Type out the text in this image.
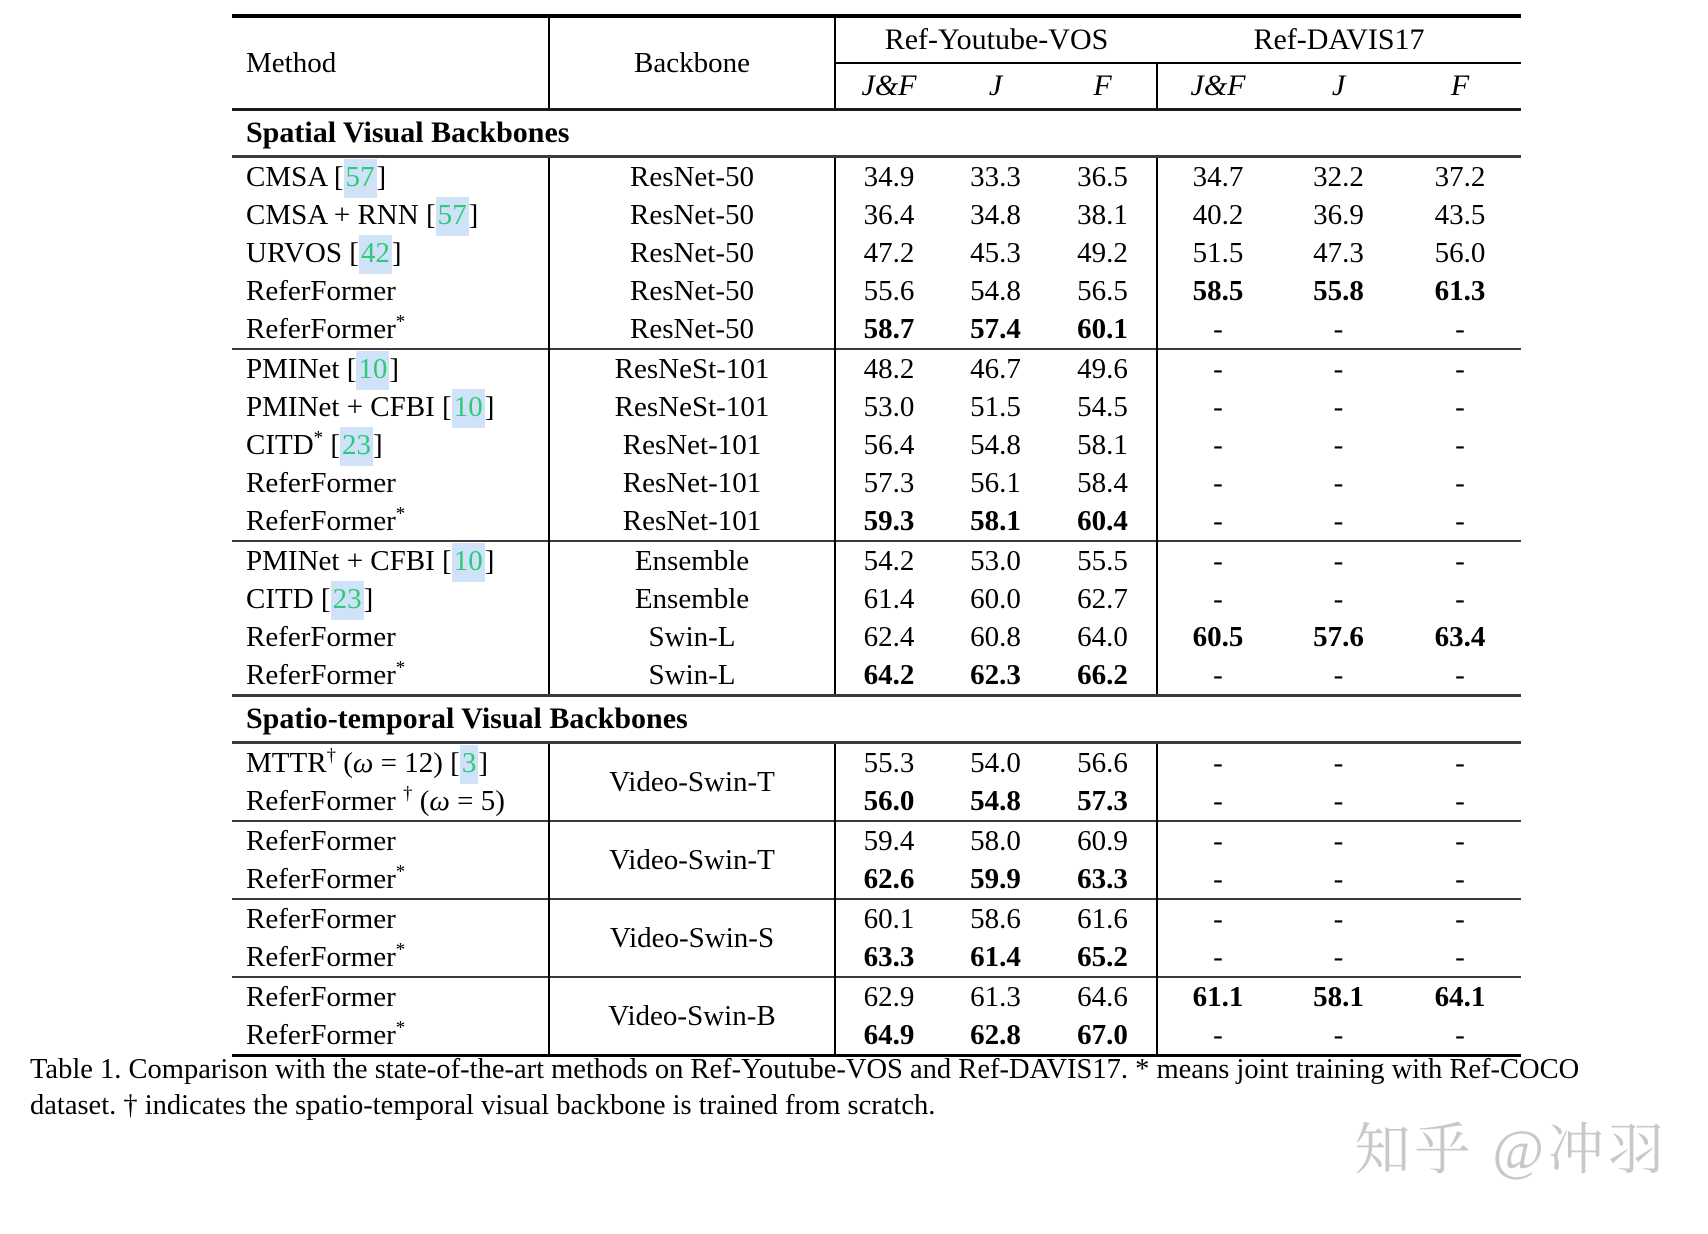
Method	Backbone	Ref-Youtube-VOS			Ref-DAVIS17		
		J&F	J	F	J&F	J	F
Spatial Visual Backbones							
CMSA [57]	ResNet-50	34.9	33.3	36.5	34.7	32.2	37.2
CMSA + RNN [57]	ResNet-50	36.4	34.8	38.1	40.2	36.9	43.5
URVOS [42]	ResNet-50	47.2	45.3	49.2	51.5	47.3	56.0
ReferFormer	ResNet-50	55.6	54.8	56.5	58.5	55.8	61.3
ReferFormer*	ResNet-50	58.7	57.4	60.1	-	-	-
PMINet [10]	ResNeSt-101	48.2	46.7	49.6	-	-	-
PMINet + CFBI [10]	ResNeSt-101	53.0	51.5	54.5	-	-	-
CITD* [23]	ResNet-101	56.4	54.8	58.1	-	-	-
ReferFormer	ResNet-101	57.3	56.1	58.4	-	-	-
ReferFormer*	ResNet-101	59.3	58.1	60.4	-	-	-
PMINet + CFBI [10]	Ensemble	54.2	53.0	55.5	-	-	-
CITD [23]	Ensemble	61.4	60.0	62.7	-	-	-
ReferFormer	Swin-L	62.4	60.8	64.0	60.5	57.6	63.4
ReferFormer*	Swin-L	64.2	62.3	66.2	-	-	-
Spatio-temporal Visual Backbones							
MTTR† (ω = 12) [3]	Video-Swin-T	55.3	54.0	56.6	-	-	-
ReferFormer † (ω = 5)		56.0	54.8	57.3	-	-	-
ReferFormer	Video-Swin-T	59.4	58.0	60.9	-	-	-
ReferFormer*		62.6	59.9	63.3	-	-	-
ReferFormer	Video-Swin-S	60.1	58.6	61.6	-	-	-
ReferFormer*		63.3	61.4	65.2	-	-	-
ReferFormer	Video-Swin-B	62.9	61.3	64.6	61.1	58.1	64.1
ReferFormer*		64.9	62.8	67.0	-	-	-
Table 1. Comparison with the state-of-the-art methods on Ref-Youtube-VOS and Ref-DAVIS17. * means joint training with Ref-COCO
dataset. † indicates the spatio-temporal visual backbone is trained from scratch.
知乎 @冲羽
